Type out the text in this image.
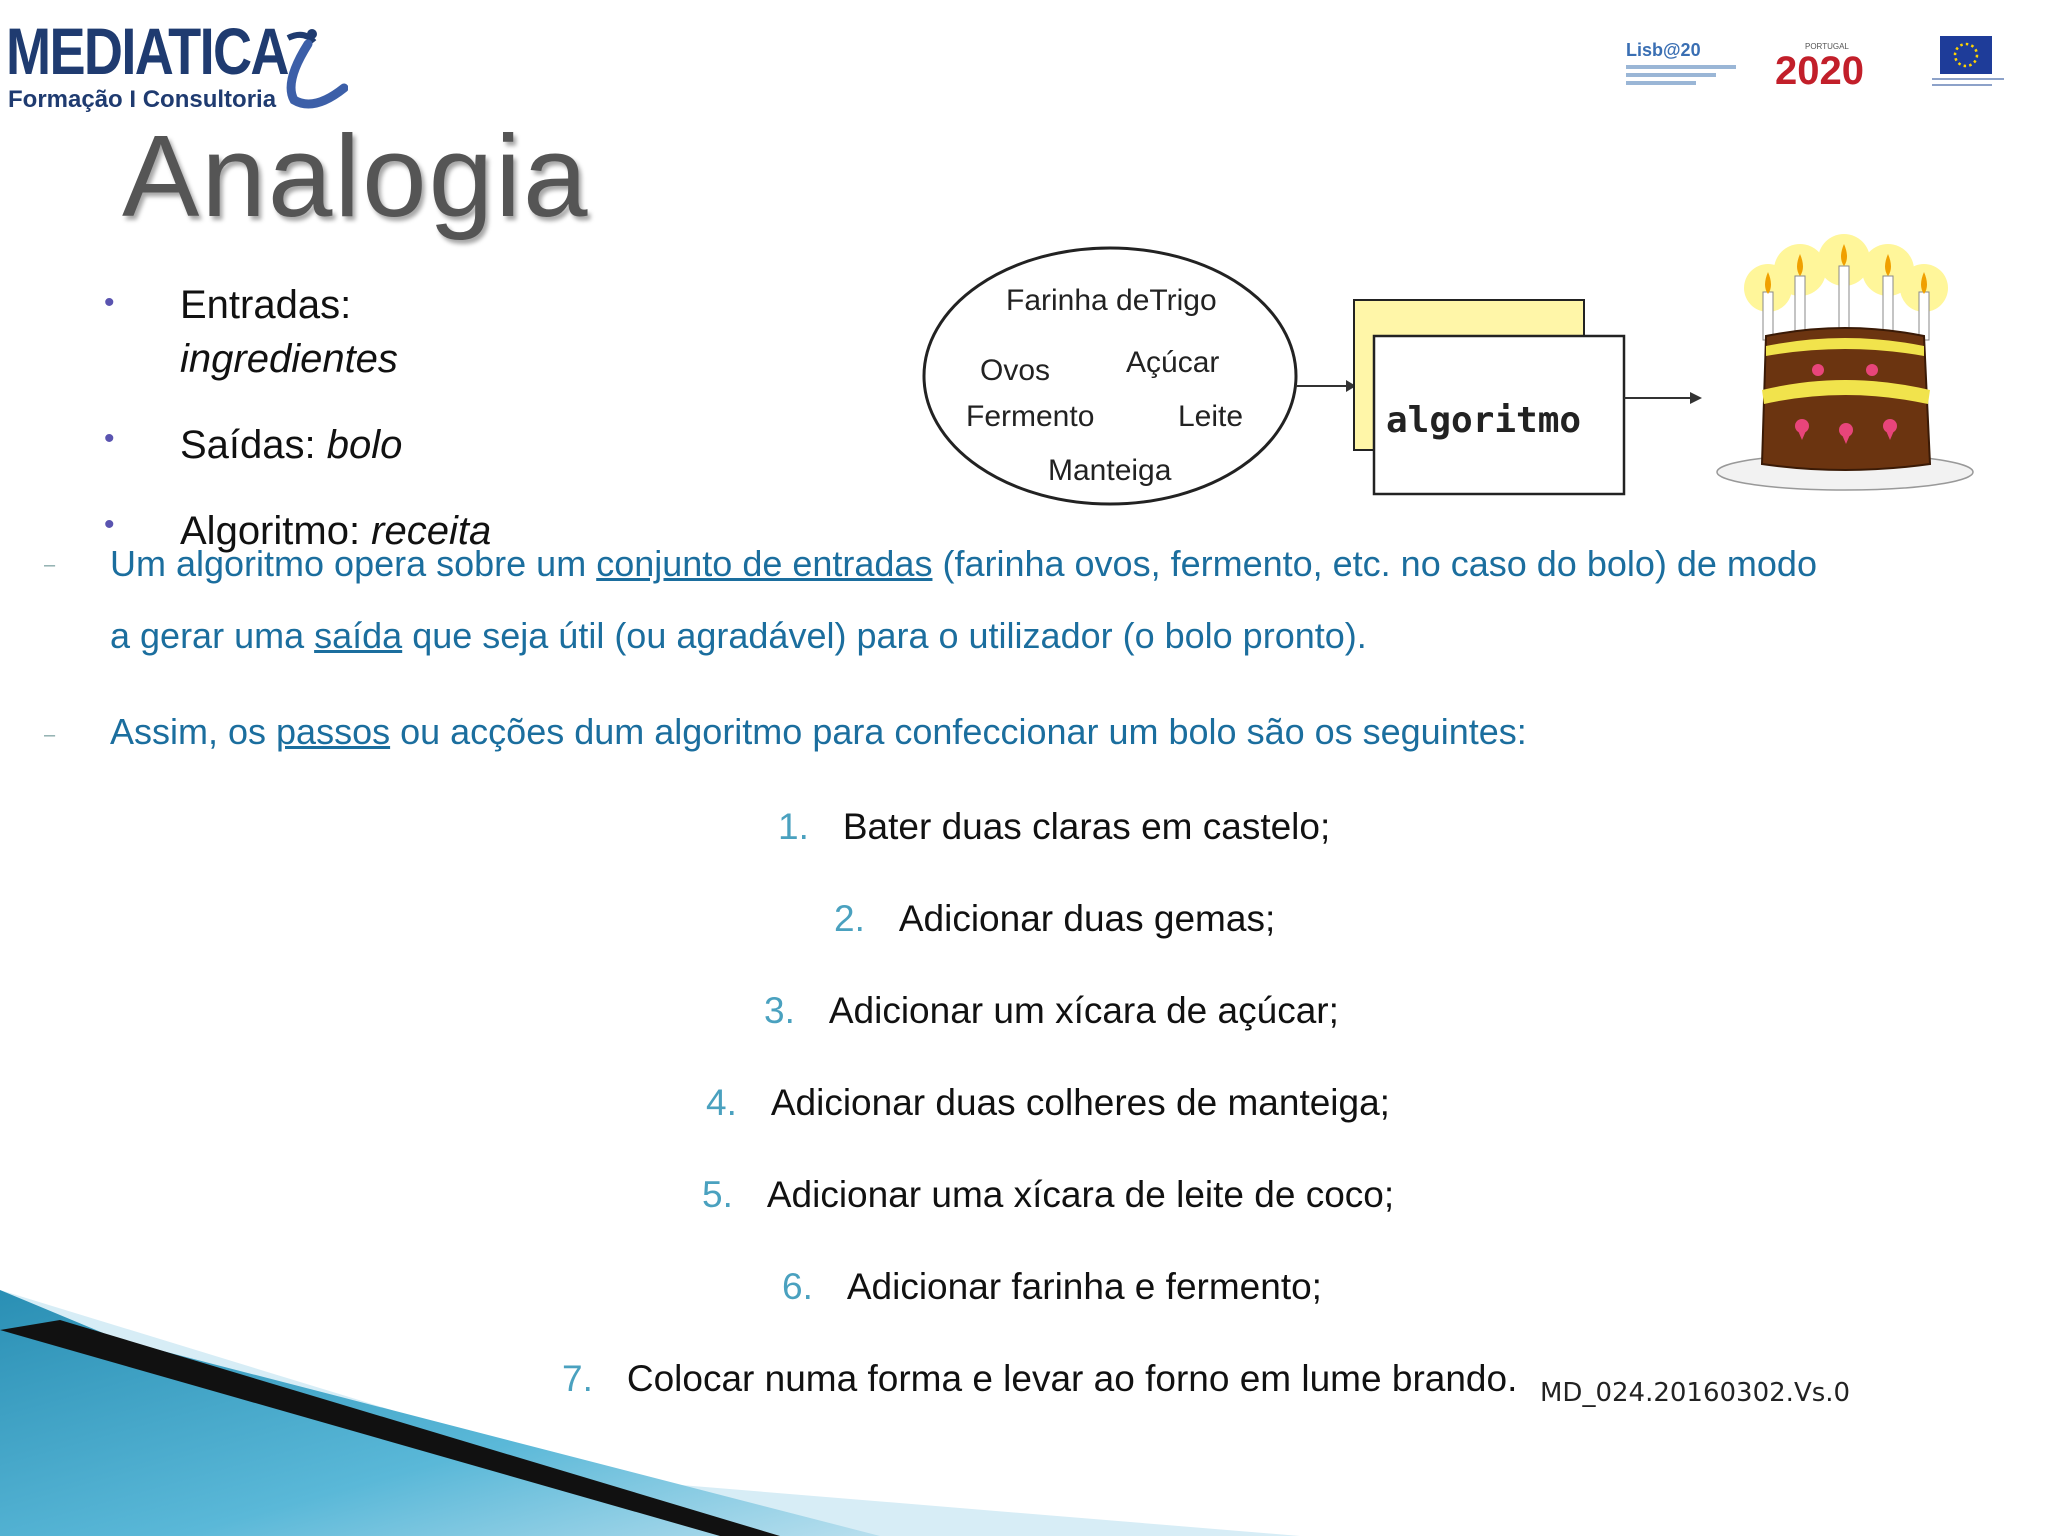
MEDIATICA
Formação I Consultoria
Lisb@20	PORTUGAL
2020
Analogia
• Entradas:
ingredientes
• Saídas: bolo
• Algoritmo: receita
Farinha deTrigo
Ovos	Açúcar
Fermento	Leite
Manteiga
algoritmo
– Um algoritmo opera sobre um conjunto de entradas (farinha ovos, fermento, etc. no caso do bolo) de modo
a gerar uma saída que seja útil (ou agradável) para o utilizador (o bolo pronto).
– Assim, os passos ou acções dum algoritmo para confeccionar um bolo são os seguintes:
1. Bater duas claras em castelo;
2. Adicionar duas gemas;
3. Adicionar um xícara de açúcar;
4. Adicionar duas colheres de manteiga;
5. Adicionar uma xícara de leite de coco;
6. Adicionar farinha e fermento;
7. Colocar numa forma e levar ao forno em lume brando. MD_024.20160302.Vs.0
